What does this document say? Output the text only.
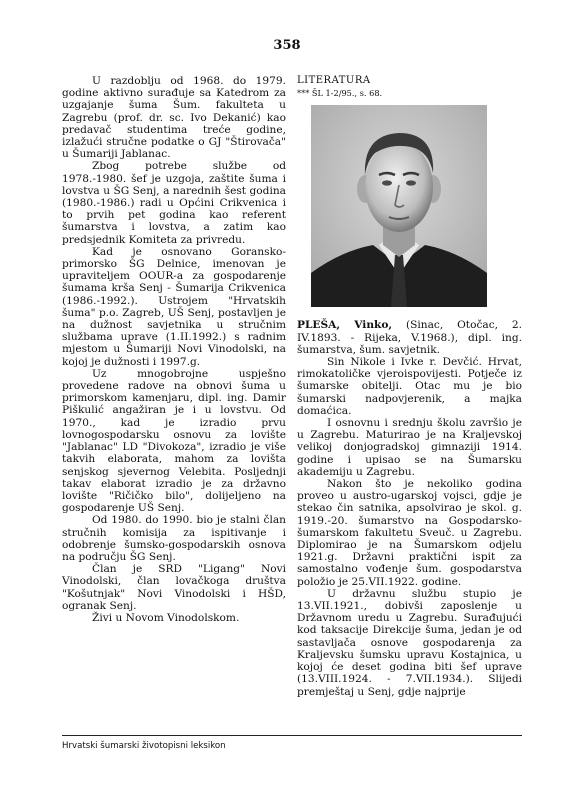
358

U razdoblju od 1968. do 1979. godine aktivno surađuje sa Katedrom za uzgajanje šuma Šum. fakulteta u Zagrebu (prof. dr. sc. Ivo Dekanić) kao predavač studentima treće godine, izlažući stručne podatke o GJ "Štirovača" u Šumariji Jablanac.

Zbog potrebe službe od 1978.-1980. šef je uzgoja, zaštite šuma i lovstva u ŠG Senj, a narednih šest godina (1980.-1986.) radi u Općini Crikvenica i to prvih pet godina kao referent šumarstva i lovstva, a zatim kao predsjednik Komiteta za privredu.

Kad je osnovano Goransko-primorsko ŠG Delnice, imenovan je upraviteljem OOUR-a za gospodarenje šumama krša Senj - Šumarija Crikvenica (1986.-1992.). Ustrojem "Hrvatskih šuma" p.o. Zagreb, UŠ Senj, postavljen je na dužnost savjetnika u stručnim službama uprave (1.II.1992.) s radnim mjestom u Šumariji Novi Vinodolski, na kojoj je dužnosti i 1997.g.

Uz mnogobrojne uspješno provedene radove na obnovi šuma u primorskom kamenjaru, dipl. ing. Damir Piškulić angažiran je i u lovstvu. Od 1970., kad je izradio prvu lovnogospodarsku osnovu za lovište "Jablanac" LD "Divokoza", izradio je više takvih elaborata, mahom za lovišta senjskog sjevernog Velebita. Posljednji takav elaborat izradio je za državno lovište "Ričičko bilo", dolijeljeno na gospodarenje UŠ Senj.

Od 1980. do 1990. bio je stalni član stručnih komisija za ispitivanje i odobrenje šumsko-gospodarskih osnova na području ŠG Senj.

Član je SRD "Ligang" Novi Vinodolski, član lovačkoga društva "Košutnjak" Novi Vinodolski i HŠD, ogranak Senj.

Živi u Novom Vinodolskom.

LITERATURA

*** ŠL 1-2/95., s. 68.

PLEŠA, Vinko, (Sinac, Otočac, 2. IV.1893. - Rijeka, V.1968.), dipl. ing. šumarstva, šum. savjetnik.

Sin Nikole i Ivke r. Devčić. Hrvat, rimokatoličke vjeroispovijesti. Potječe iz šumarske obitelji. Otac mu je bio šumarski nadpovjerenik, a majka domaćica.

I osnovnu i srednju školu završio je u Zagrebu. Maturirao je na Kraljevskoj velikoj donjogradskoj gimnaziji 1914. godine i upisao se na Šumarsku akademiju u Zagrebu.

Nakon što je nekoliko godina proveo u austro-ugarskoj vojsci, gdje je stekao čin satnika, apsolvirao je skol. g. 1919.-20. šumarstvo na Gospodarsko-šumarskom fakultetu Sveuč. u Zagrebu. Diplomirao je na Šumarskom odjelu 1921.g. Državni praktični ispit za samostalno vođenje šum. gospodarstva položio je 25.VII.1922. godine.

U državnu službu stupio je 13.VII.1921., dobivši zaposlenje u Državnom uredu u Zagrebu. Surađujući kod taksacije Direkcije šuma, jedan je od sastavljača osnove gospodarenja za Kraljevsku šumsku upravu Kostajnica, u kojoj će deset godina biti šef uprave (13.VIII.1924. - 7.VII.1934.). Slijedi premještaj u Senj, gdje najprije

Hrvatski šumarski životopisni leksikon
